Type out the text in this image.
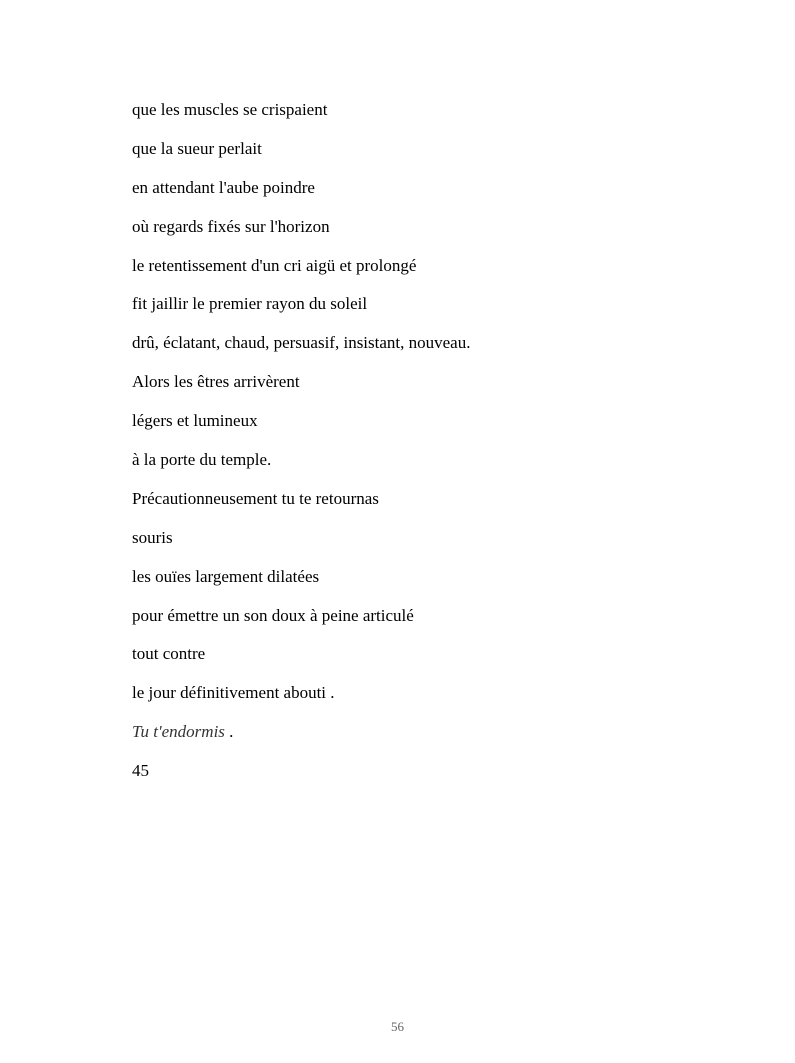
que les muscles se crispaient
que la sueur perlait
en attendant l'aube poindre
où regards fixés sur l'horizon
le retentissement d'un cri aigü et prolongé
fit jaillir le premier rayon du soleil
drû, éclatant, chaud, persuasif, insistant, nouveau.
Alors les êtres arrivèrent
légers et lumineux
à la porte du temple.
Précautionneusement tu te retournas
souris
les ouïes largement dilatées
pour émettre un son doux à peine articulé
tout contre
le jour définitivement abouti .
Tu t'endormis .
45
56
